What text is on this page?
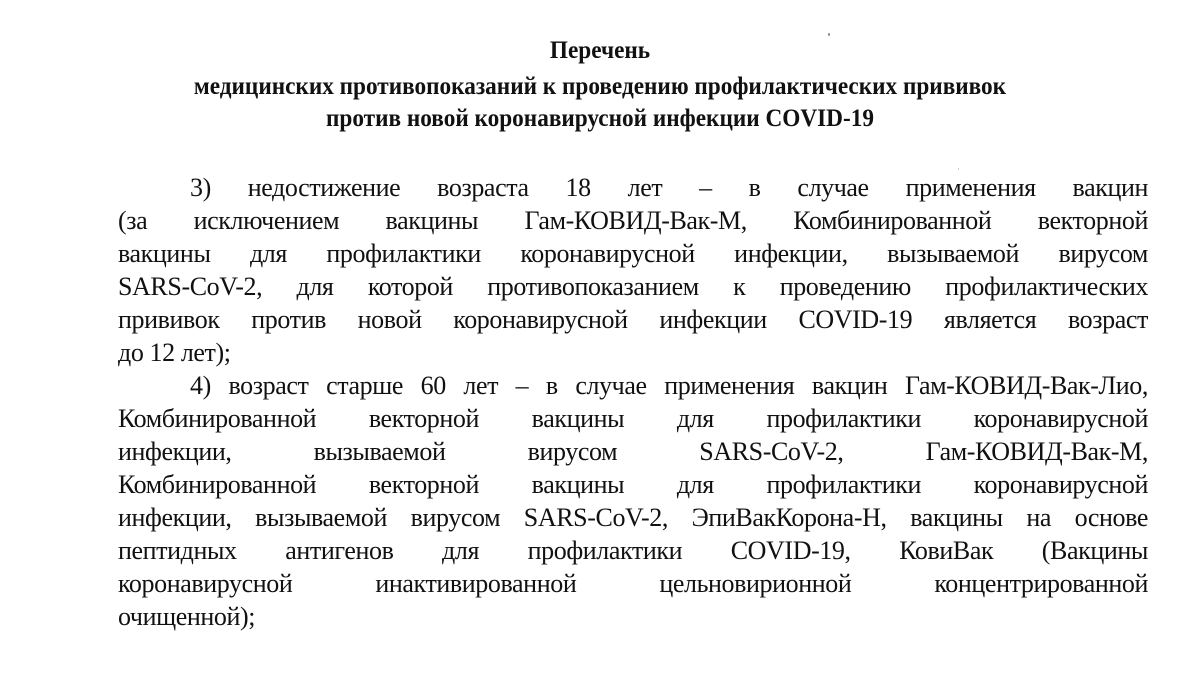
Перечень
медицинских противопоказаний к проведению профилактических прививок
против новой коронавирусной инфекции COVID-19
3) недостижение возраста 18 лет – в случае применения вакцин
(за исключением вакцины Гам-КОВИД-Вак-М, Комбинированной векторной
вакцины для профилактики коронавирусной инфекции, вызываемой вирусом
SARS-CoV-2, для которой противопоказанием к проведению профилактических
прививок против новой коронавирусной инфекции COVID-19 является возраст
до 12 лет);
4) возраст старше 60 лет – в случае применения вакцин Гам-КОВИД-Вак-Лио,
Комбинированной векторной вакцины для профилактики коронавирусной
инфекции, вызываемой вирусом SARS-CoV-2, Гам-КОВИД-Вак-М,
Комбинированной векторной вакцины для профилактики коронавирусной
инфекции, вызываемой вирусом SARS-CoV-2, ЭпиВакКорона-Н, вакцины на основе
пептидных антигенов для профилактики COVID-19, КовиВак (Вакцины
коронавирусной инактивированной цельновирионной концентрированной
очищенной);
